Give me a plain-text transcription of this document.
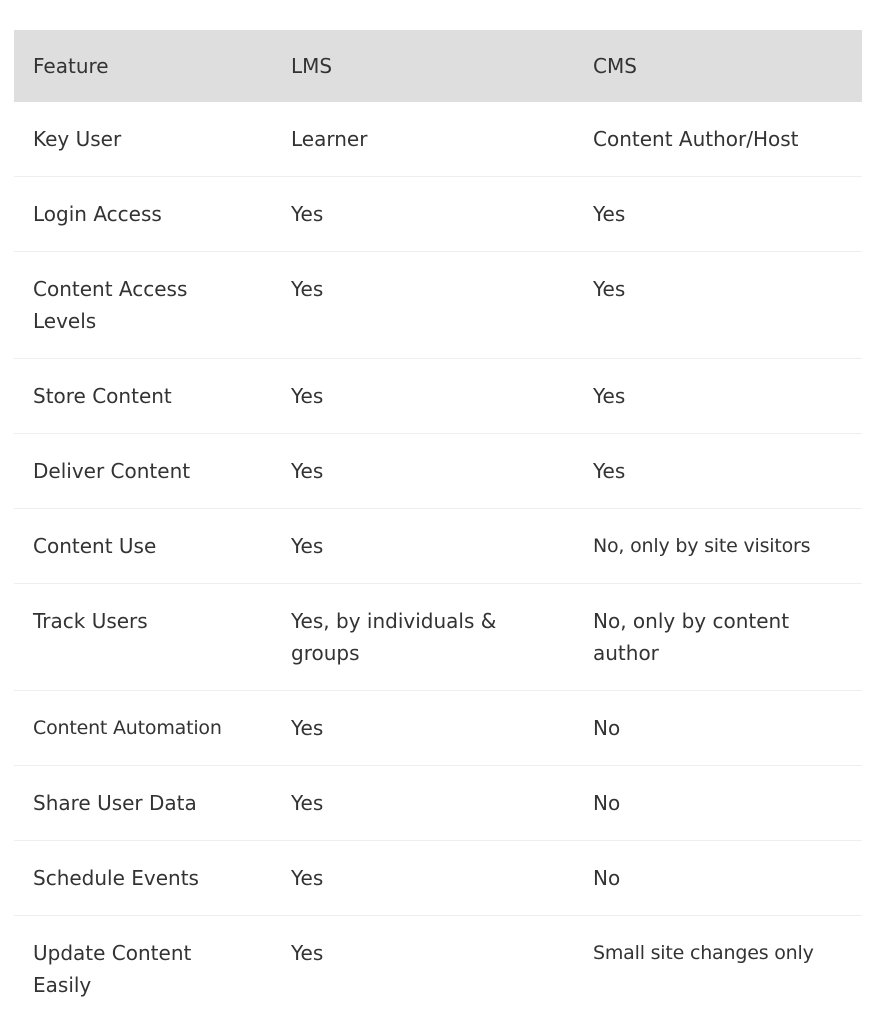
Feature	LMS	CMS
Key User	Learner	Content Author/Host
Login Access	Yes	Yes
Content Access Levels	Yes	Yes
Store Content	Yes	Yes
Deliver Content	Yes	Yes
Content Use	Yes	No, only by site visitors
Track Users	Yes, by individuals & groups	No, only by content author
Content Automation	Yes	No
Share User Data	Yes	No
Schedule Events	Yes	No
Update Content Easily	Yes	Small site changes only
